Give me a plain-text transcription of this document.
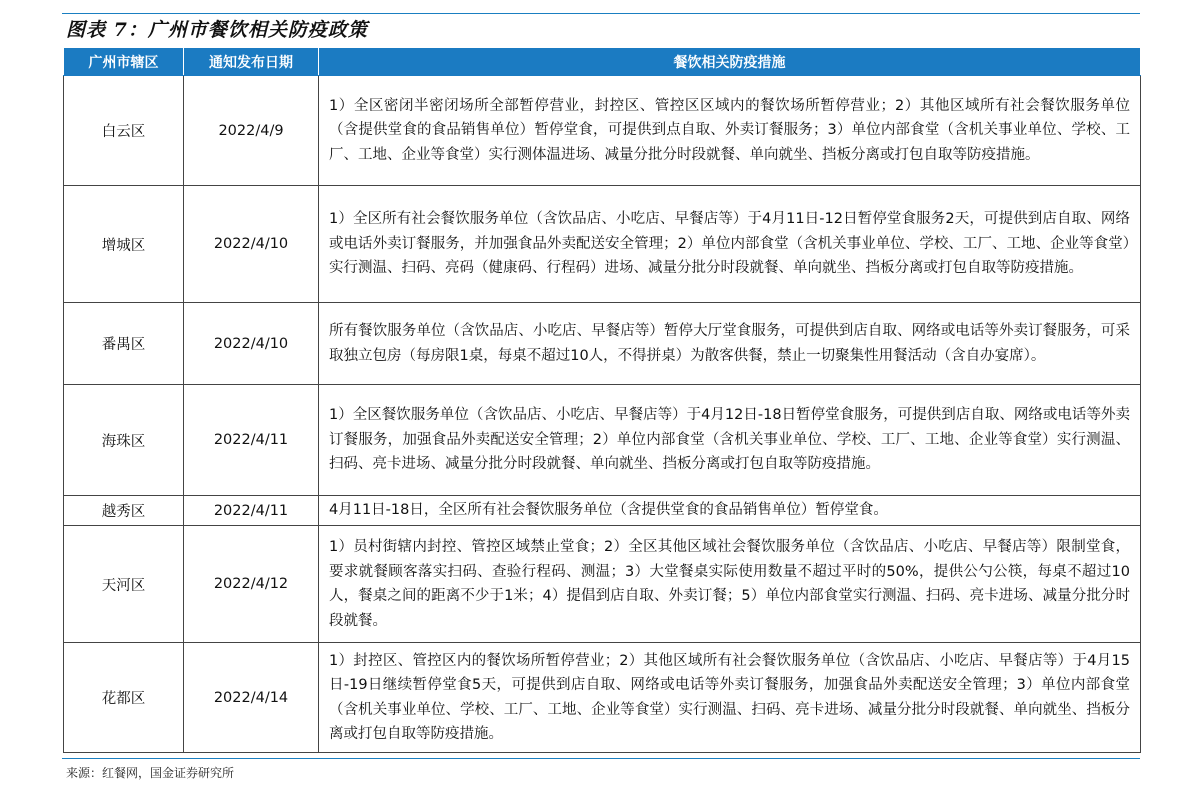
图表 7：广州市餐饮相关防疫政策
广州市辖区	通知发布日期	餐饮相关防疫措施
白云区	2022/4/9	1）全区密闭半密闭场所全部暂停营业，封控区、管控区区域内的餐饮场所暂停营业；2）其他区域所有社会餐饮服务单位（含提供堂食的食品销售单位）暂停堂食，可提供到点自取、外卖订餐服务；3）单位内部食堂（含机关事业单位、学校、工厂、工地、企业等食堂）实行测体温进场、减量分批分时段就餐、单向就坐、挡板分离或打包自取等防疫措施。
增城区	2022/4/10	1）全区所有社会餐饮服务单位（含饮品店、小吃店、早餐店等）于4月11日-12日暂停堂食服务2天，可提供到店自取、网络或电话外卖订餐服务，并加强食品外卖配送安全管理；2）单位内部食堂（含机关事业单位、学校、工厂、工地、企业等食堂）实行测温、扫码、亮码（健康码、行程码）进场、减量分批分时段就餐、单向就坐、挡板分离或打包自取等防疫措施。
番禺区	2022/4/10	所有餐饮服务单位（含饮品店、小吃店、早餐店等）暂停大厅堂食服务，可提供到店自取、网络或电话等外卖订餐服务，可采取独立包房（每房限1桌，每桌不超过10人，不得拼桌）为散客供餐，禁止一切聚集性用餐活动（含自办宴席）。
海珠区	2022/4/11	1）全区餐饮服务单位（含饮品店、小吃店、早餐店等）于4月12日-18日暂停堂食服务，可提供到店自取、网络或电话等外卖订餐服务，加强食品外卖配送安全管理；2）单位内部食堂（含机关事业单位、学校、工厂、工地、企业等食堂）实行测温、扫码、亮卡进场、减量分批分时段就餐、单向就坐、挡板分离或打包自取等防疫措施。
越秀区	2022/4/11	4月11日-18日，全区所有社会餐饮服务单位（含提供堂食的食品销售单位）暂停堂食。
天河区	2022/4/12	1）员村街辖内封控、管控区域禁止堂食；2）全区其他区域社会餐饮服务单位（含饮品店、小吃店、早餐店等）限制堂食，要求就餐顾客落实扫码、查验行程码、测温；3）大堂餐桌实际使用数量不超过平时的50%，提供公勺公筷，每桌不超过10人，餐桌之间的距离不少于1米；4）提倡到店自取、外卖订餐；5）单位内部食堂实行测温、扫码、亮卡进场、减量分批分时段就餐。
花都区	2022/4/14	1）封控区、管控区内的餐饮场所暂停营业；2）其他区域所有社会餐饮服务单位（含饮品店、小吃店、早餐店等）于4月15日-19日继续暂停堂食5天，可提供到店自取、网络或电话等外卖订餐服务，加强食品外卖配送安全管理；3）单位内部食堂（含机关事业单位、学校、工厂、工地、企业等食堂）实行测温、扫码、亮卡进场、减量分批分时段就餐、单向就坐、挡板分离或打包自取等防疫措施。
来源：红餐网，国金证券研究所
